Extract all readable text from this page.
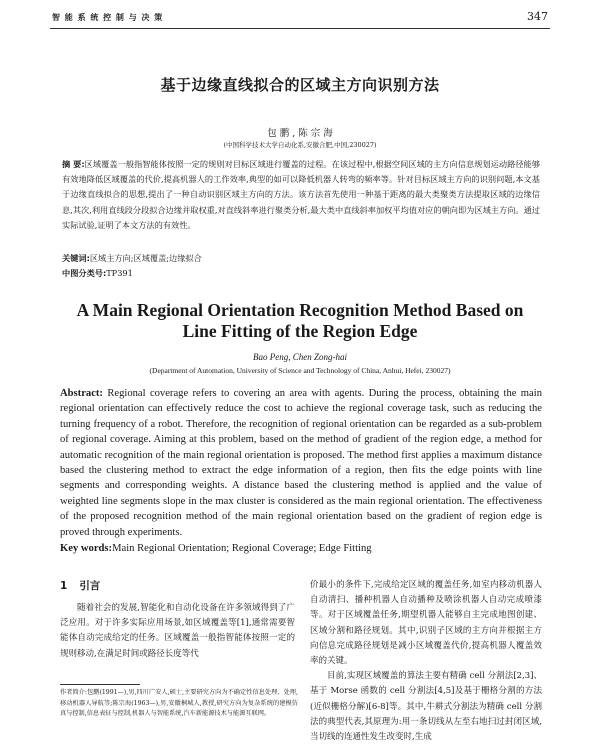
智 能 系 统 控 制 与 决 策	347
基于边缘直线拟合的区域主方向识别方法
包 鹏 , 陈 宗 海
(中国科学技术大学自动化系,安徽合肥,中国,230027)
摘 要:区域覆盖一般指智能体按照一定的规则对目标区域进行覆盖的过程。在该过程中,根据空间区域的主方向信息规划运动路径能够有效地降低区域覆盖的代价,提高机器人的工作效率,典型的如可以降低机器人转弯的频率等。针对目标区域主方向的识别问题,本文基于边缘直线拟合的思想,提出了一种自动识别区域主方向的方法。该方法首先使用一种基于距离的最大类聚类方法提取区域的边缘信息,其次,利用直线段分段拟合边缘并取权重,对直线斜率进行聚类分析,最大类中直线斜率加权平均值对应的朝向即为区域主方向。通过实际试验,证明了本文方法的有效性。
关键词:区域主方向;区域覆盖;边缘拟合
中图分类号:TP391
A Main Regional Orientation Recognition Method Based on
Line Fitting of the Region Edge
Bao Peng, Chen Zong-hai
(Department of Automation, University of Science and Technology of China, Anhui, Hefei, 230027)
Abstract: Regional coverage refers to covering an area with agents. During the process, obtaining the main regional orientation can effectively reduce the cost to achieve the regional coverage task, such as reducing the turning frequency of a robot. Therefore, the recognition of regional orientation can be regarded as a sub-problem of regional coverage. Aiming at this problem, based on the method of gradient of the region edge, a method for automatic recognition of the main regional orientation is proposed. The method first applies a maximum distance based the clustering method to extract the edge information of a region, then fits the edge points with line segments and corresponding weights. A distance based the clustering method is applied and the value of weighted line segments slope in the max cluster is considered as the main regional orientation. The effectiveness of the proposed recognition method of the main regional orientation based on the gradient of region edge is proved through experiments.
Key words:Main Regional Orientation; Regional Coverage; Edge Fitting
1 引言

随着社会的发展,智能化和自动化设备在许多领域得到了广泛应用。对于许多实际应用场景,如区域覆盖等[1],通常需要智能体自动完成给定的任务。区域覆盖一般指智能体按照一定的规则移动,在满足时间或路径长度等代

价最小的条件下,完成给定区域的覆盖任务,如室内移动机器人自动清扫、播种机器人自动播种及喷涂机器人自动完成喷漆等。对于区域覆盖任务,期望机器人能够自主完成地图创建、区域分割和路径规划。其中,识别子区域的主方向并根据主方向信息完成路径规划是减小区域覆盖代价,提高机器人覆盖效率的关键。

目前,实现区域覆盖的算法主要有精确 cell 分割法[2,3]、基于 Morse 函数的 cell 分割法[4,5]及基于栅格分割的方法(近似栅格分解)[6-8]等。其中,牛耕式分割法为精确 cell 分割法的典型代表,其原理为:用一条切线从左至右地扫过封闭区域,当切线的连通性发生改变时,生成

作者简介:包鹏(1991—),男,四川广安人,硕士,主要研究方向为不确定性信息处理、处理,移动机器人导航等;陈宗海(1963—),男,安徽桐城人,教授,研究方向为复杂系统的建模仿真与控制,信息表征与控制,机器人与智能系统,汽车新能源技术与能源互联网。
